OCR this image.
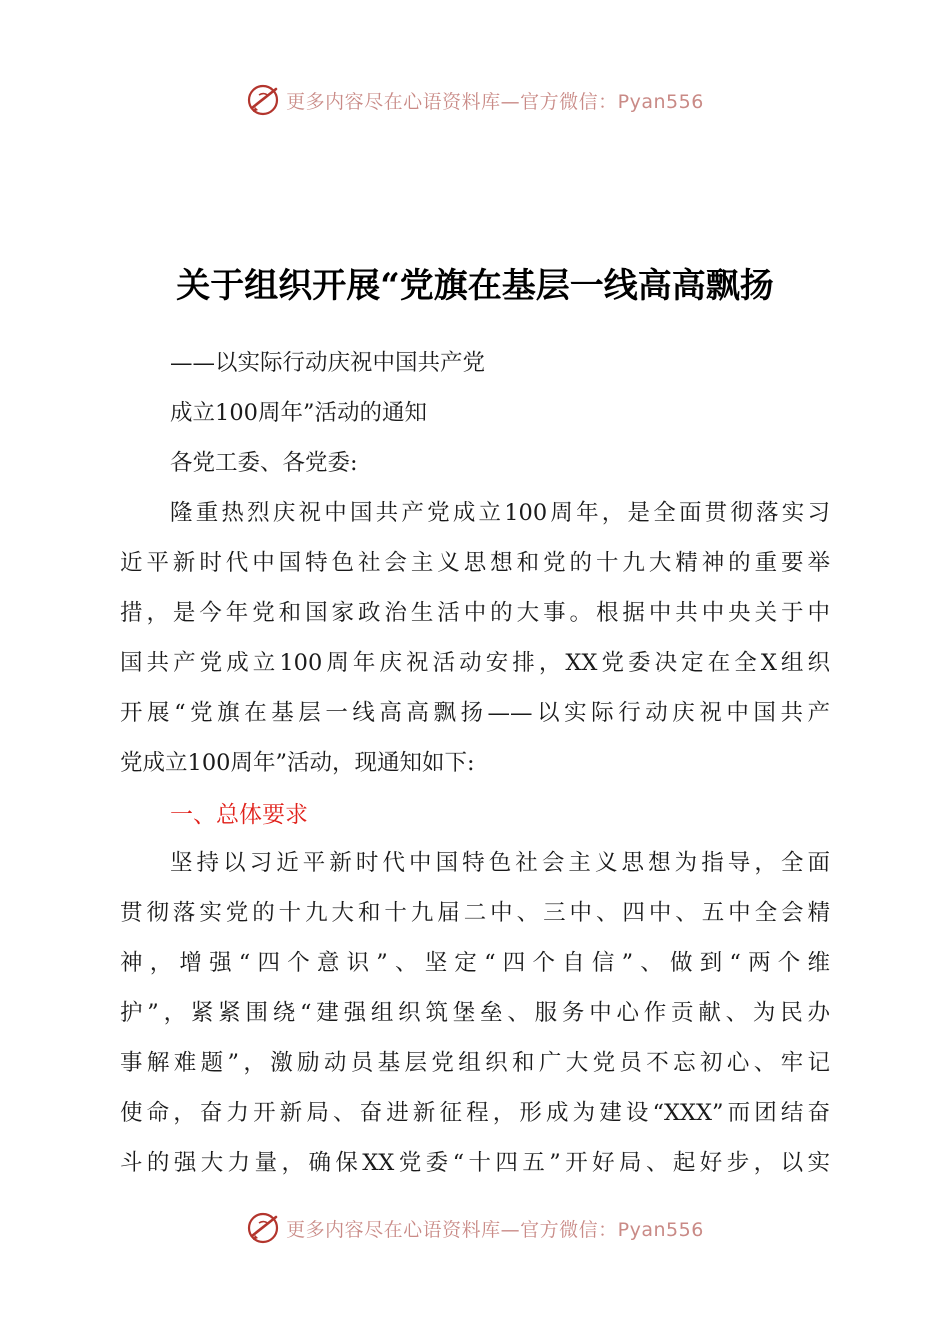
更多内容尽在心语资料库—官方微信：Pyan556
关于组织开展“党旗在基层一线高高飘扬
——以实际行动庆祝中国共产党
成立100周年”活动的通知
各党工委、各党委:
隆重热烈庆祝中国共产党成立100周年，是全面贯彻落实习
近平新时代中国特色社会主义思想和党的十九大精神的重要举
措，是今年党和国家政治生活中的大事。根据中共中央关于中
国共产党成立100周年庆祝活动安排，XX党委决定在全X组织
开展“党旗在基层一线高高飘扬——以实际行动庆祝中国共产
党成立100周年”活动，现通知如下:
一、总体要求
坚持以习近平新时代中国特色社会主义思想为指导，全面
贯彻落实党的十九大和十九届二中、三中、四中、五中全会精
神，增强“四个意识”、坚定“四个自信”、做到“两个维
护”，紧紧围绕“建强组织筑堡垒、服务中心作贡献、为民办
事解难题”，激励动员基层党组织和广大党员不忘初心、牢记
使命，奋力开新局、奋进新征程，形成为建设“XXX”而团结奋
斗的强大力量，确保XX党委“十四五”开好局、起好步，以实
更多内容尽在心语资料库—官方微信：Pyan556
